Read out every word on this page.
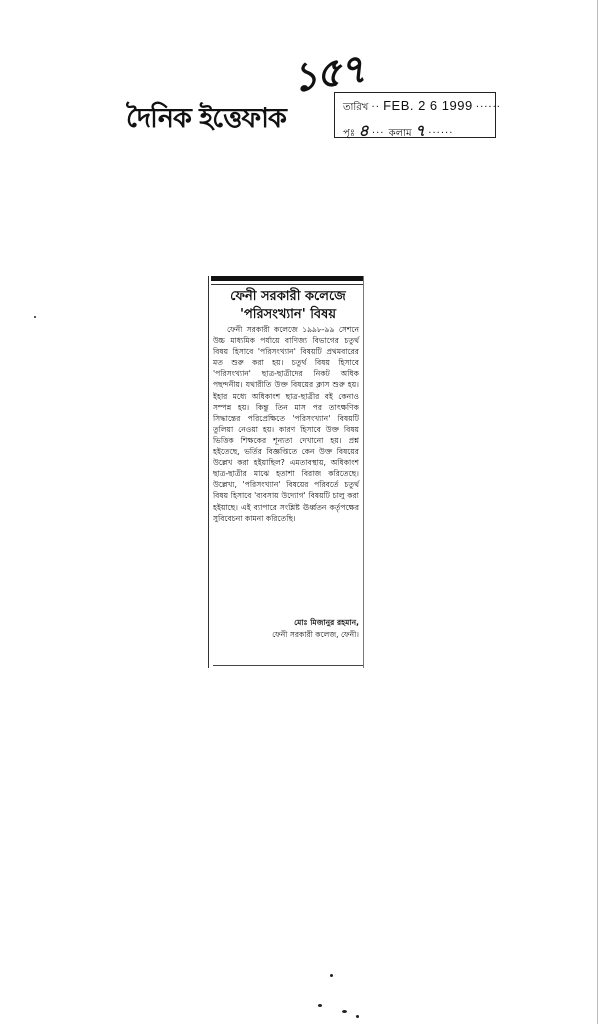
১৫৭
দৈনিক ইত্তেফাক	তারিখ ·· FEB. 2 6 1999 ······
পৃঃ ৪ ··· কলাম ৭ ······
ফেনী সরকারী কলেজে
'পরিসংখ্যান' বিষয়

ফেনী সরকারী কলেজে ১৯৯৮-৯৯ সেশনে উচ্চ মাধ্যমিক পর্যায়ে বাণিজ্য বিভাগের চতুর্থ বিষয় হিসাবে 'পরিসংখ্যান' বিষয়টি প্রথমবারের মত শুরু করা হয়। চতুর্থ বিষয় হিসাবে 'পরিসংখ্যান' ছাত্র-ছাত্রীদের নিকট অধিক পছন্দনীয়। যথারীতি উক্ত বিষয়ের ক্লাস শুরু হয়। ইহার মধ্যে অধিকাংশ ছাত্র-ছাত্রীর বই কেনাও সম্পন্ন হয়। কিন্তু তিন মাস পর তাৎক্ষণিক সিদ্ধান্তের পরিপ্রেক্ষিতে 'পরিসংখ্যান' বিষয়টি তুলিয়া নেওয়া হয়। কারণ হিসাবে উক্ত বিষয় ভিত্তিক শিক্ষকের শূন্যতা দেখানো হয়। প্রশ্ন হইতেছে, ভর্তির বিজ্ঞপ্তিতে কেন উক্ত বিষয়ের উল্লেখ করা হইয়াছিল? এমতাবস্থায়, অধিকাংশ ছাত্র-ছাত্রীর মাঝে হতাশা বিরাজ করিতেছে। উল্লেখ্য, 'পরিসংখ্যান' বিষয়ের পরিবর্তে চতুর্থ বিষয় হিসাবে 'ব্যবসায় উদ্যোগ' বিষয়টি চালু করা হইয়াছে। এই ব্যাপারে সংশ্লিষ্ট ঊর্ধ্বতন কর্তৃপক্ষের সুবিবেচনা কামনা করিতেছি।

মোঃ মিজানুর রহমান,
ফেনী সরকারী কলেজ, ফেনী।
